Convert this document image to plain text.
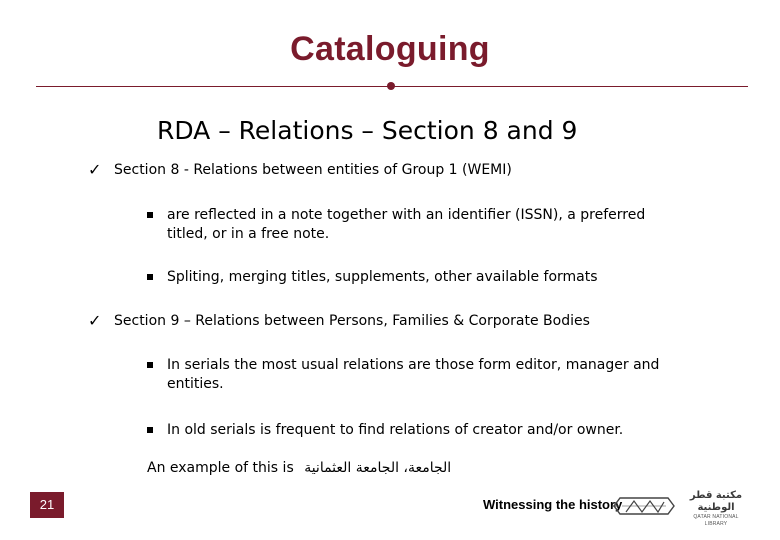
Cataloguing
RDA – Relations – Section 8 and 9
✓ Section 8 - Relations between entities of Group 1 (WEMI)
are reflected in a note together with an identifier (ISSN), a preferred titled, or in a free note.
Spliting, merging titles, supplements, other available formats
✓ Section 9 – Relations between Persons, Families & Corporate Bodies
In serials the most usual relations are those form editor, manager and entities.
In old serials is frequent to find relations of creator and/or owner.
An example of this is الجامعة، الجامعة العثمانية
21	Witnessing the history
مكتبة قطر الوطنية
QATAR NATIONAL LIBRARY
